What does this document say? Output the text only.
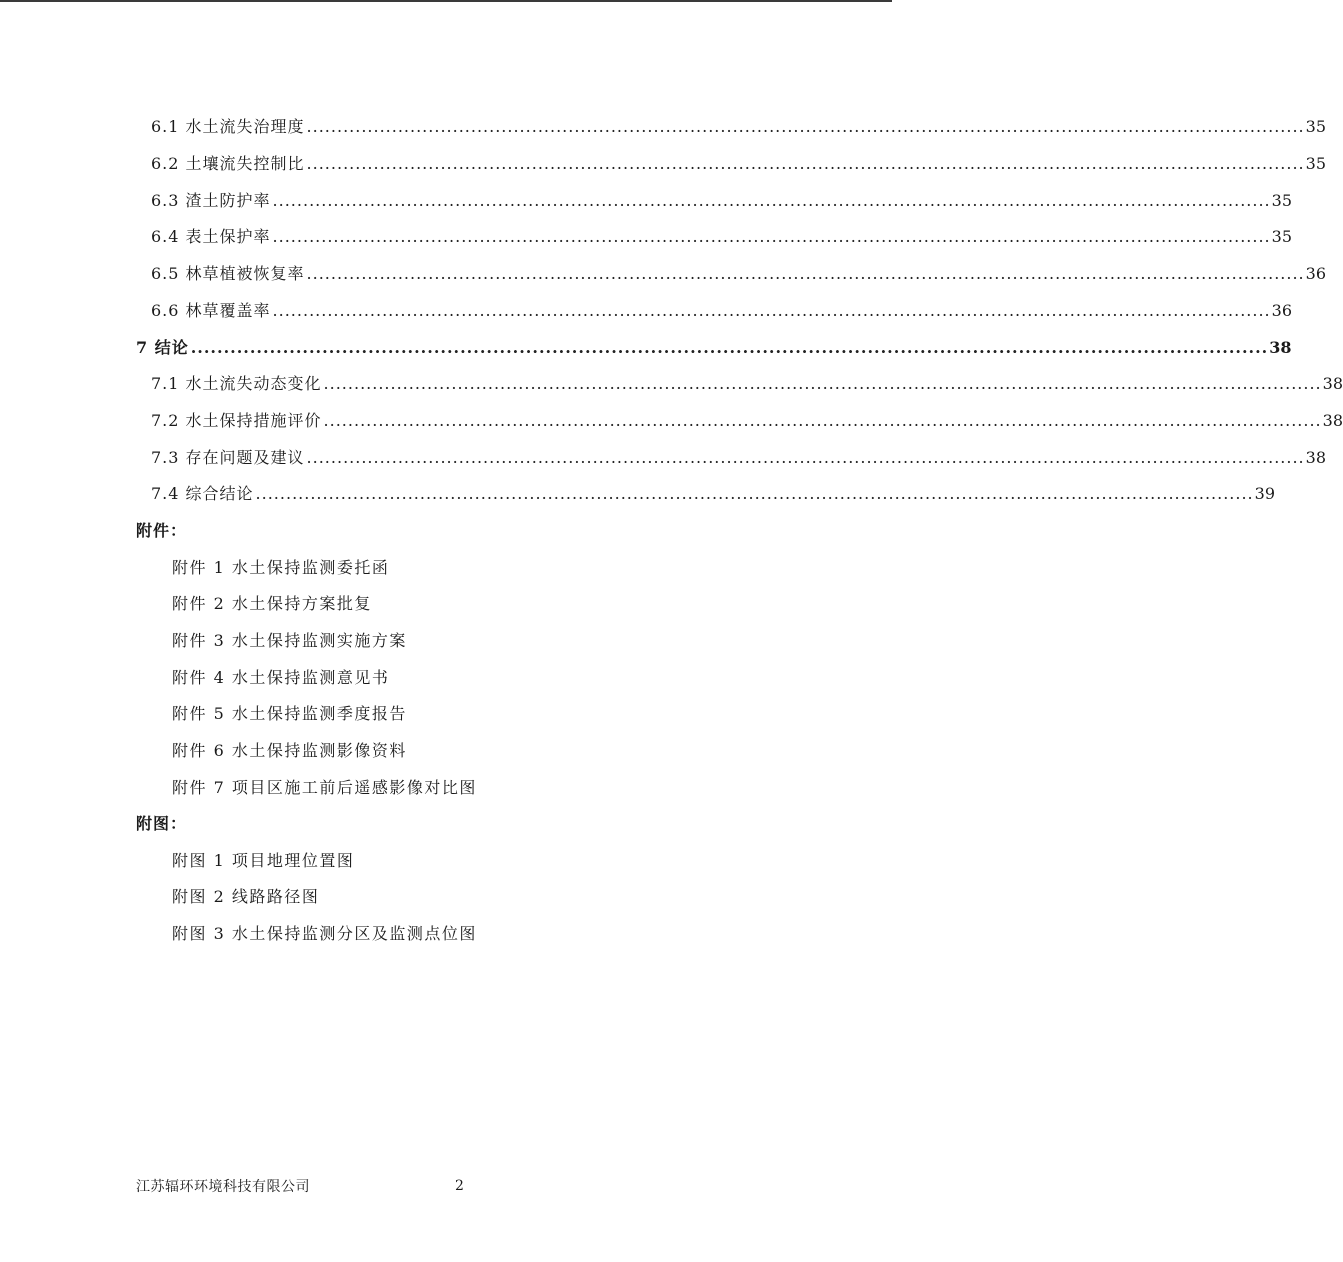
6.1 水土流失治理度 .................................................................................................................................................................... 35
6.2 土壤流失控制比 .................................................................................................................................................................... 35
6.3 渣土防护率 .................................................................................................................................................................... 35
6.4 表土保护率 .................................................................................................................................................................... 35
6.5 林草植被恢复率 .................................................................................................................................................................... 36
6.6 林草覆盖率 .................................................................................................................................................................... 36
7 结论 .................................................................................................................................................................... 38
7.1 水土流失动态变化 .................................................................................................................................................................... 38
7.2 水土保持措施评价 .................................................................................................................................................................... 38
7.3 存在问题及建议 .................................................................................................................................................................... 38
7.4 综合结论 .................................................................................................................................................................... 39
附件：
附件 1 水土保持监测委托函
附件 2 水土保持方案批复
附件 3 水土保持监测实施方案
附件 4 水土保持监测意见书
附件 5 水土保持监测季度报告
附件 6 水土保持监测影像资料
附件 7 项目区施工前后遥感影像对比图
附图：
附图 1 项目地理位置图
附图 2 线路路径图
附图 3 水土保持监测分区及监测点位图
江苏辐环环境科技有限公司	2
